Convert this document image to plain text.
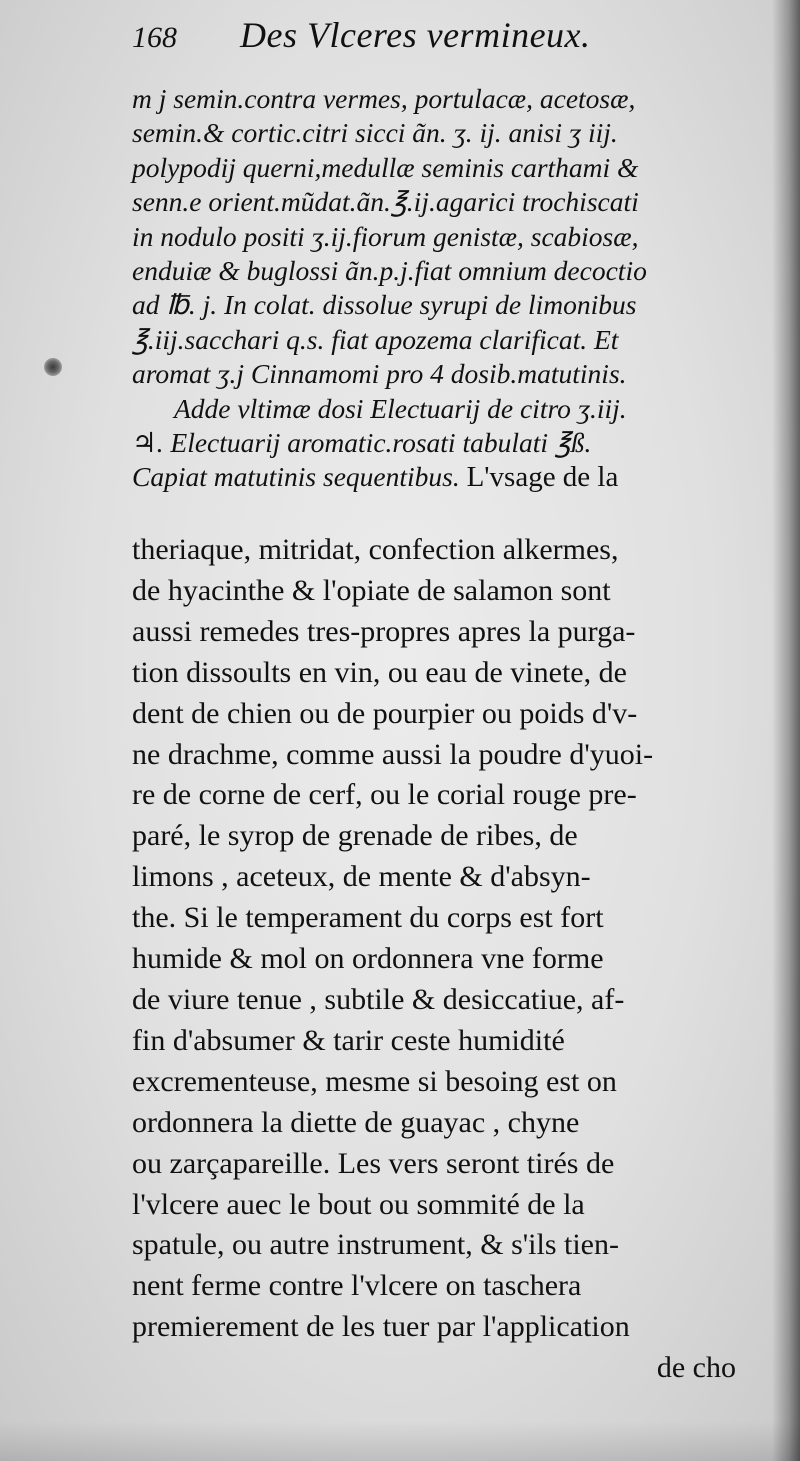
168	Des Vlceres vermineux.
m j semin.contra vermes, portulacæ, acetosæ,
semin.& cortic.citri sicci ãn. ʒ. ij. anisi ʒ iij.
polypodij querni,medullæ seminis carthami &
senn.e orient.mũdat.ãn.℥.ij.agarici trochiscati
in nodulo positi ʒ.ij.fiorum genistæ, scabiosæ,
enduiæ & buglossi ãn.p.j.fiat omnium decoctio
ad ℔. j. In colat. dissolue syrupi de limonibus
℥.iij.sacchari q.s. fiat apozema clarificat. Et
aromat ʒ.j Cinnamomi pro 4 dosib.matutinis.
Adde vltimæ dosi Electuarij de citro ʒ.iij.
♃. Electuarij aromatic.rosati tabulati ℥ß.
Capiat matutinis sequentibus. L'vsage de la
theriaque, mitridat, confection alkermes,
de hyacinthe & l'opiate de salamon sont
aussi remedes tres-propres apres la purga-
tion dissoults en vin, ou eau de vinete, de
dent de chien ou de pourpier ou poids d'v-
ne drachme, comme aussi la poudre d'yuoi-
re de corne de cerf, ou le corial rouge pre-
paré, le syrop de grenade de ribes, de
limons , aceteux, de mente & d'absyn-
the. Si le temperament du corps est fort
humide & mol on ordonnera vne forme
de viure tenue , subtile & desiccatiue, af-
fin d'absumer & tarir ceste humidité
excrementeuse, mesme si besoing est on
ordonnera la diette de guayac , chyne
ou zarçapareille. Les vers seront tirés de
l'vlcere auec le bout ou sommité de la
spatule, ou autre instrument, & s'ils tien-
nent ferme contre l'vlcere on taschera
premierement de les tuer par l'application
de cho
